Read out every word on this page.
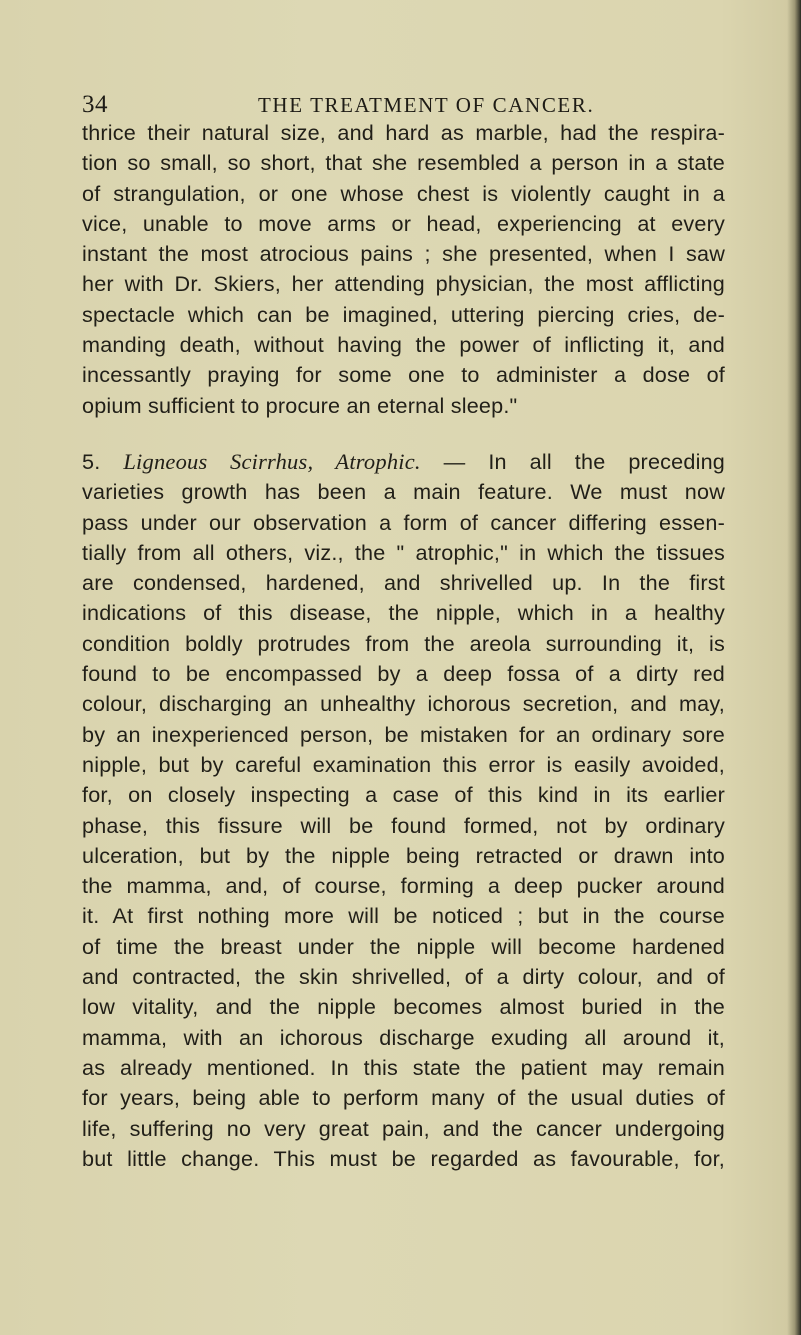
34	THE TREATMENT OF CANCER.
thrice their natural size, and hard as marble, had the respira-
tion so small, so short, that she resembled a person in a state
of strangulation, or one whose chest is violently caught in a
vice, unable to move arms or head, experiencing at every
instant the most atrocious pains ; she presented, when I saw
her with Dr. Skiers, her attending physician, the most afflicting
spectacle which can be imagined, uttering piercing cries, de-
manding death, without having the power of inflicting it, and
incessantly praying for some one to administer a dose of
opium sufficient to procure an eternal sleep."
5. Ligneous Scirrhus, Atrophic. — In all the preceding
varieties growth has been a main feature. We must now
pass under our observation a form of cancer differing essen-
tially from all others, viz., the " atrophic," in which the tissues
are condensed, hardened, and shrivelled up. In the first
indications of this disease, the nipple, which in a healthy
condition boldly protrudes from the areola surrounding it, is
found to be encompassed by a deep fossa of a dirty red
colour, discharging an unhealthy ichorous secretion, and may,
by an inexperienced person, be mistaken for an ordinary sore
nipple, but by careful examination this error is easily avoided,
for, on closely inspecting a case of this kind in its earlier
phase, this fissure will be found formed, not by ordinary
ulceration, but by the nipple being retracted or drawn into
the mamma, and, of course, forming a deep pucker around
it. At first nothing more will be noticed ; but in the course
of time the breast under the nipple will become hardened
and contracted, the skin shrivelled, of a dirty colour, and of
low vitality, and the nipple becomes almost buried in the
mamma, with an ichorous discharge exuding all around it,
as already mentioned. In this state the patient may remain
for years, being able to perform many of the usual duties of
life, suffering no very great pain, and the cancer undergoing
but little change. This must be regarded as favourable, for,
